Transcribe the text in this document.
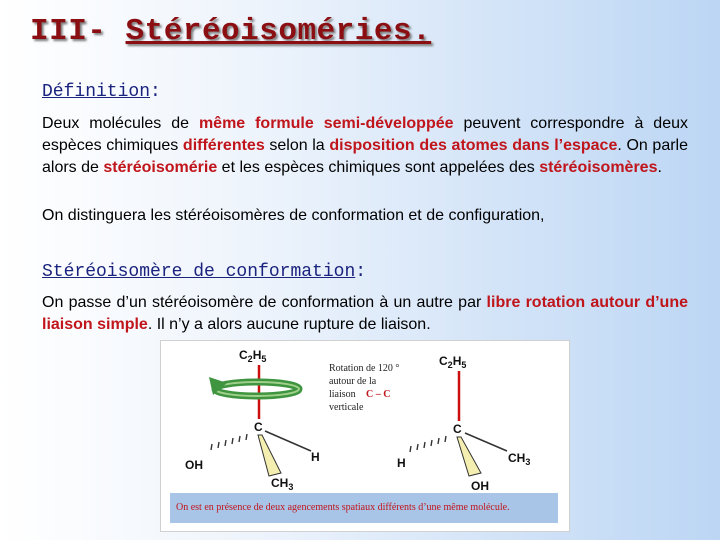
III- Stéréoisoméries.
Définition:

Deux molécules de même formule semi-développée peuvent correspondre à deux espèces chimiques différentes selon la disposition des atomes dans l’espace. On parle alors de stéréoisomérie et les espèces chimiques sont appelées des stéréoisomères.

On distinguera les stéréoisomères de conformation et de configuration,

Stéréoisomère de conformation:

On passe d’un stéréoisomère de conformation à un autre par libre rotation autour d’une liaison simple. Il n’y a alors aucune rupture de liaison.

$C_2H_5$
C
OH
H
$CH_3$
Rotation de 120 °
autour de la
liaison C – C
verticale
$C_2H_5$
C
H	$CH_3$
OH
On est en présence de deux agencements spatiaux différents d’une même molécule.
